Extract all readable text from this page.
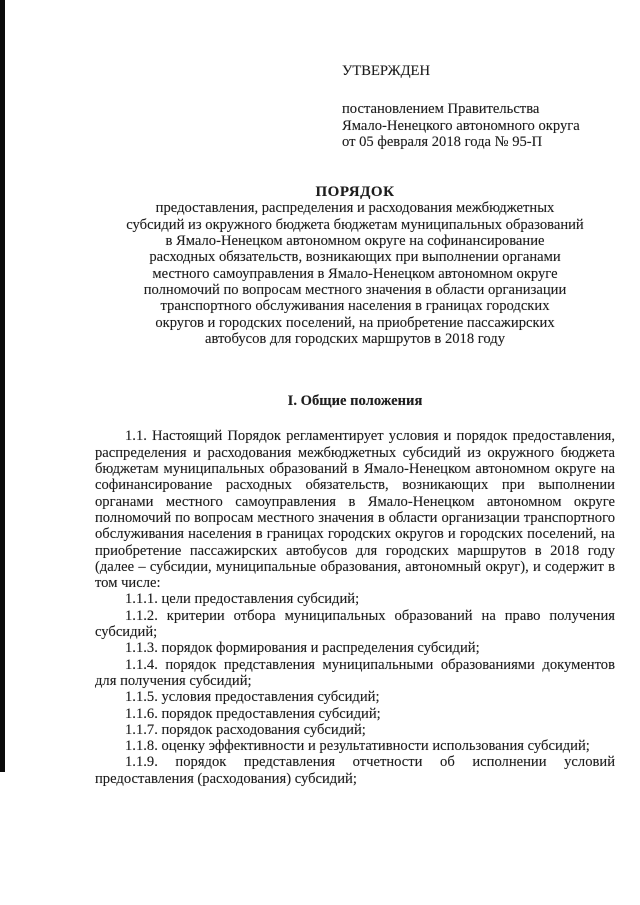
УТВЕРЖДЕН
постановлением Правительства
Ямало-Ненецкого автономного округа
от 05 февраля 2018 года № 95-П
ПОРЯДОК
предоставления, распределения и расходования межбюджетных
субсидий из окружного бюджета бюджетам муниципальных образований
в Ямало-Ненецком автономном округе на софинансирование
расходных обязательств, возникающих при выполнении органами
местного самоуправления в Ямало-Ненецком автономном округе
полномочий по вопросам местного значения в области организации
транспортного обслуживания населения в границах городских
округов и городских поселений, на приобретение пассажирских
автобусов для городских маршрутов в 2018 году
I. Общие положения

1.1. Настоящий Порядок регламентирует условия и порядок предоставления, распределения и расходования межбюджетных субсидий из окружного бюджета бюджетам муниципальных образований в Ямало-Ненецком автономном округе на софинансирование расходных обязательств, возникающих при выполнении органами местного самоуправления в Ямало-Ненецком автономном округе полномочий по вопросам местного значения в области организации транспортного обслуживания населения в границах городских округов и городских поселений, на приобретение пассажирских автобусов для городских маршрутов в 2018 году (далее – субсидии, муниципальные образования, автономный округ), и содержит в том числе:

1.1.1. цели предоставления субсидий;

1.1.2. критерии отбора муниципальных образований на право получения субсидий;

1.1.3. порядок формирования и распределения субсидий;

1.1.4. порядок представления муниципальными образованиями документов для получения субсидий;

1.1.5. условия предоставления субсидий;

1.1.6. порядок предоставления субсидий;

1.1.7. порядок расходования субсидий;

1.1.8. оценку эффективности и результативности использования субсидий;

1.1.9. порядок представления отчетности об исполнении условий предоставления (расходования) субсидий;
